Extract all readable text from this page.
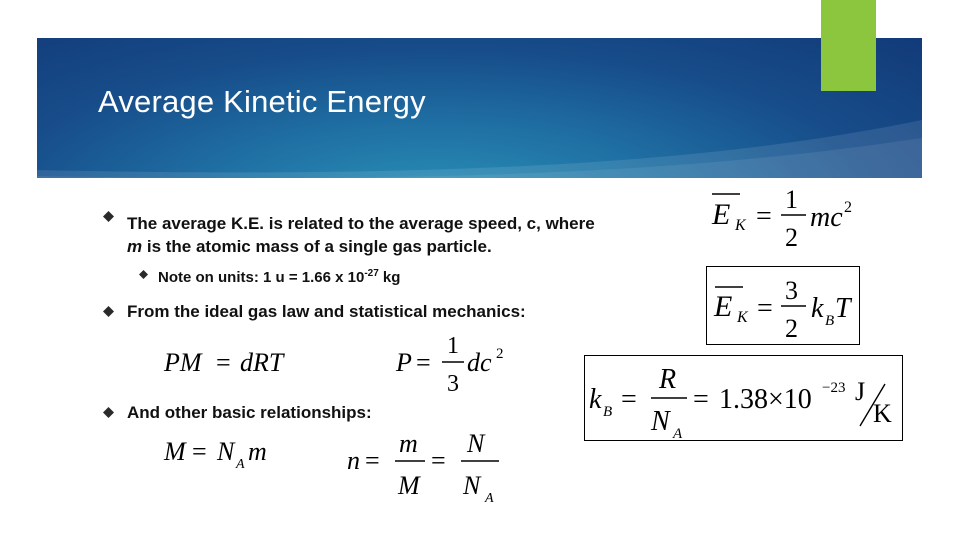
Average Kinetic Energy
The average K.E. is related to the average speed, c, where
m is the atomic mass of a single gas particle.
Note on units: 1 u = 1.66 x $10^{-27}$ kg
From the ideal gas law and statistical mechanics:
And other basic relationships:
E K =
1
2
mc 2
E K =
3
2
k B T
k B =
R
N A
= 1.38×10 −23 J
K
PM = dRT	P =
1
3
dc 2
M = N A m	n =
m
M
=
N
N A
